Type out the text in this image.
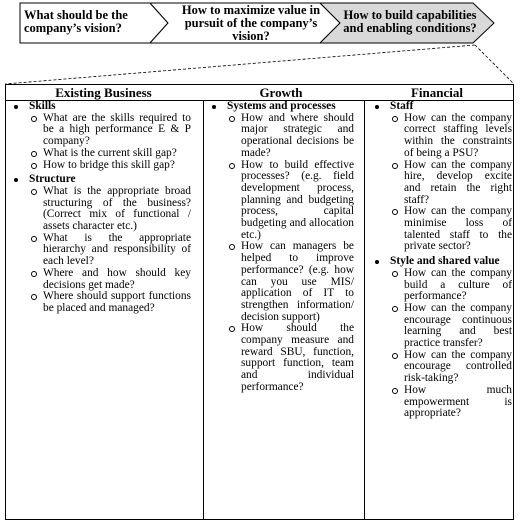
What should be the company’s vision?
How to maximize value in pursuit of the company’s vision?
How to build capabilities and enabling conditions?
Existing Business	Growth	Financial
Skills
What are the skills required to be a high performance E & P company?
What is the current skill gap?
How to bridge this skill gap?
Structure
What is the appropriate broad structuring of the business? (Correct mix of functional / assets character etc.)
What is the appropriate hierarchy and responsibility of each level?
Where and how should key decisions get made?
Where should support functions be placed and managed?
Systems and processes
How and where should major strategic and operational decisions be made?
How to build effective processes? (e.g. field development process, planning and budgeting process, capital budgeting and allocation etc.)
How can managers be helped to improve performance? (e.g. how can you use MIS/ application of IT to strengthen information/ decision support)
How should the company measure and reward SBU, function, support function, team and individual performance?
Staff
How can the company correct staffing levels within the constraints of being a PSU?
How can the company hire, develop excite and retain the right staff?
How can the company minimise loss of talented staff to the private sector?
Style and shared value
How can the company build a culture of performance?
How can the company encourage continuous learning and best practice transfer?
How can the company encourage controlled risk-taking?
How much empowerment is appropriate?
